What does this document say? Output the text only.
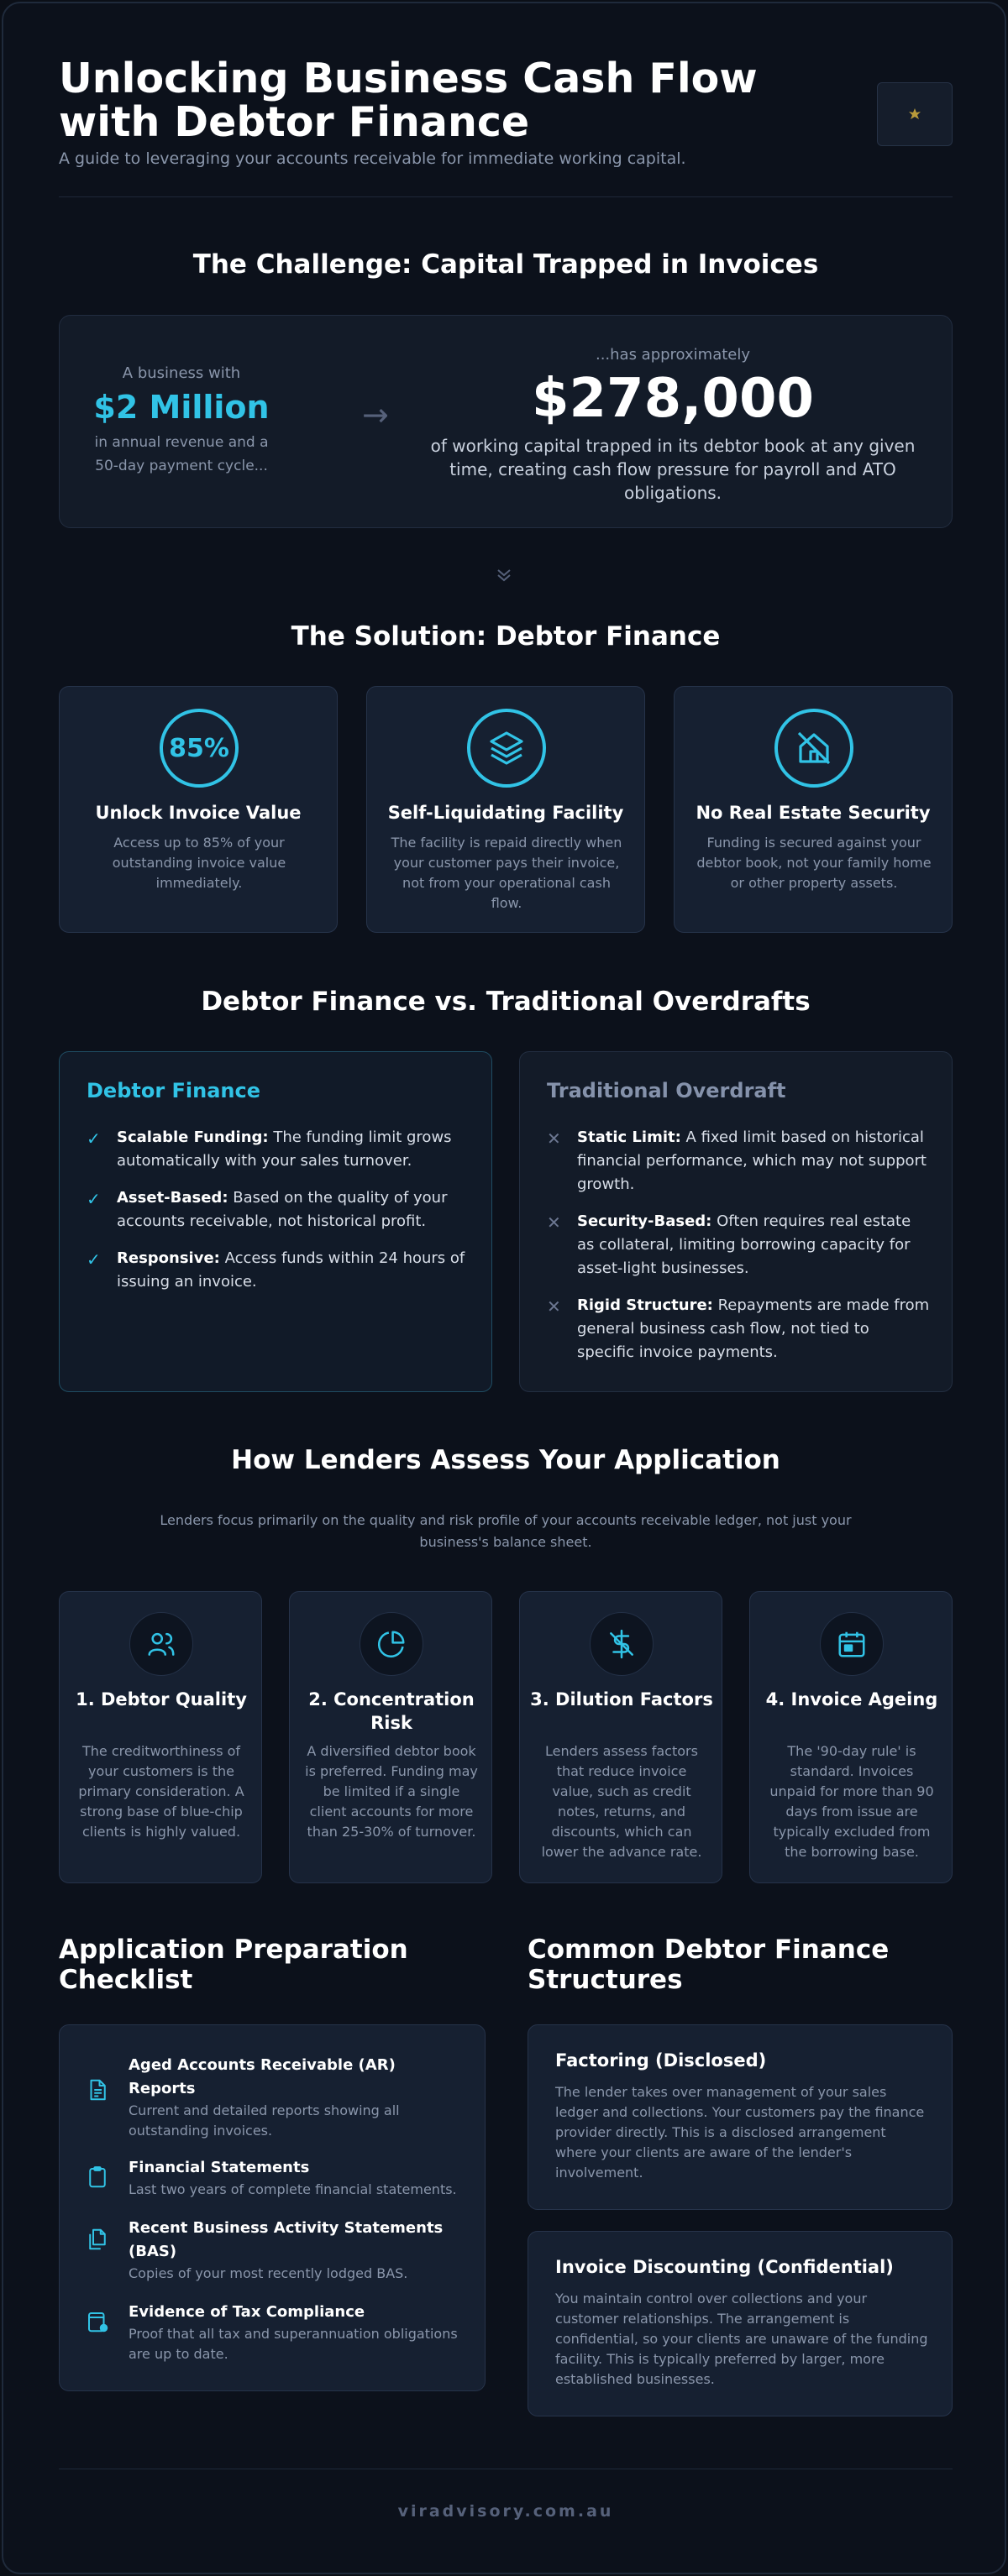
Unlocking Business Cash Flow with Debtor Finance
A guide to leveraging your accounts receivable for immediate working capital.
The Challenge: Capital Trapped in Invoices
A business with
$2 Million
in annual revenue and a 50-day payment cycle...
→
...has approximately
$278,000
of working capital trapped in its debtor book at any given time, creating cash flow pressure for payroll and ATO obligations.
The Solution: Debtor Finance
85%
Unlock Invoice Value
Access up to 85% of your outstanding invoice value immediately.
Self-Liquidating Facility
The facility is repaid directly when your customer pays their invoice, not from your operational cash flow.
No Real Estate Security
Funding is secured against your debtor book, not your family home or other property assets.
Debtor Finance vs. Traditional Overdrafts
Debtor Finance
✓ Scalable Funding: The funding limit grows automatically with your sales turnover.
✓ Asset-Based: Based on the quality of your accounts receivable, not historical profit.
✓ Responsive: Access funds within 24 hours of issuing an invoice.
Traditional Overdraft
✕ Static Limit: A fixed limit based on historical financial performance, which may not support growth.
✕ Security-Based: Often requires real estate as collateral, limiting borrowing capacity for asset-light businesses.
✕ Rigid Structure: Repayments are made from general business cash flow, not tied to specific invoice payments.
How Lenders Assess Your Application
Lenders focus primarily on the quality and risk profile of your accounts receivable ledger, not just your business's balance sheet.
1. Debtor Quality
The creditworthiness of your customers is the primary consideration. A strong base of blue-chip clients is highly valued.
2. Concentration Risk
A diversified debtor book is preferred. Funding may be limited if a single client accounts for more than 25-30% of turnover.
3. Dilution Factors
Lenders assess factors that reduce invoice value, such as credit notes, returns, and discounts, which can lower the advance rate.
4. Invoice Ageing
The '90-day rule' is standard. Invoices unpaid for more than 90 days from issue are typically excluded from the borrowing base.
Application Preparation Checklist
Aged Accounts Receivable (AR) Reports
Current and detailed reports showing all outstanding invoices.
Financial Statements
Last two years of complete financial statements.
Recent Business Activity Statements (BAS)
Copies of your most recently lodged BAS.
Evidence of Tax Compliance
Proof that all tax and superannuation obligations are up to date.
Common Debtor Finance Structures
Factoring (Disclosed)
The lender takes over management of your sales ledger and collections. Your customers pay the finance provider directly. This is a disclosed arrangement where your clients are aware of the lender's involvement.
Invoice Discounting (Confidential)
You maintain control over collections and your customer relationships. The arrangement is confidential, so your clients are unaware of the funding facility. This is typically preferred by larger, more established businesses.
viradvisory.com.au
